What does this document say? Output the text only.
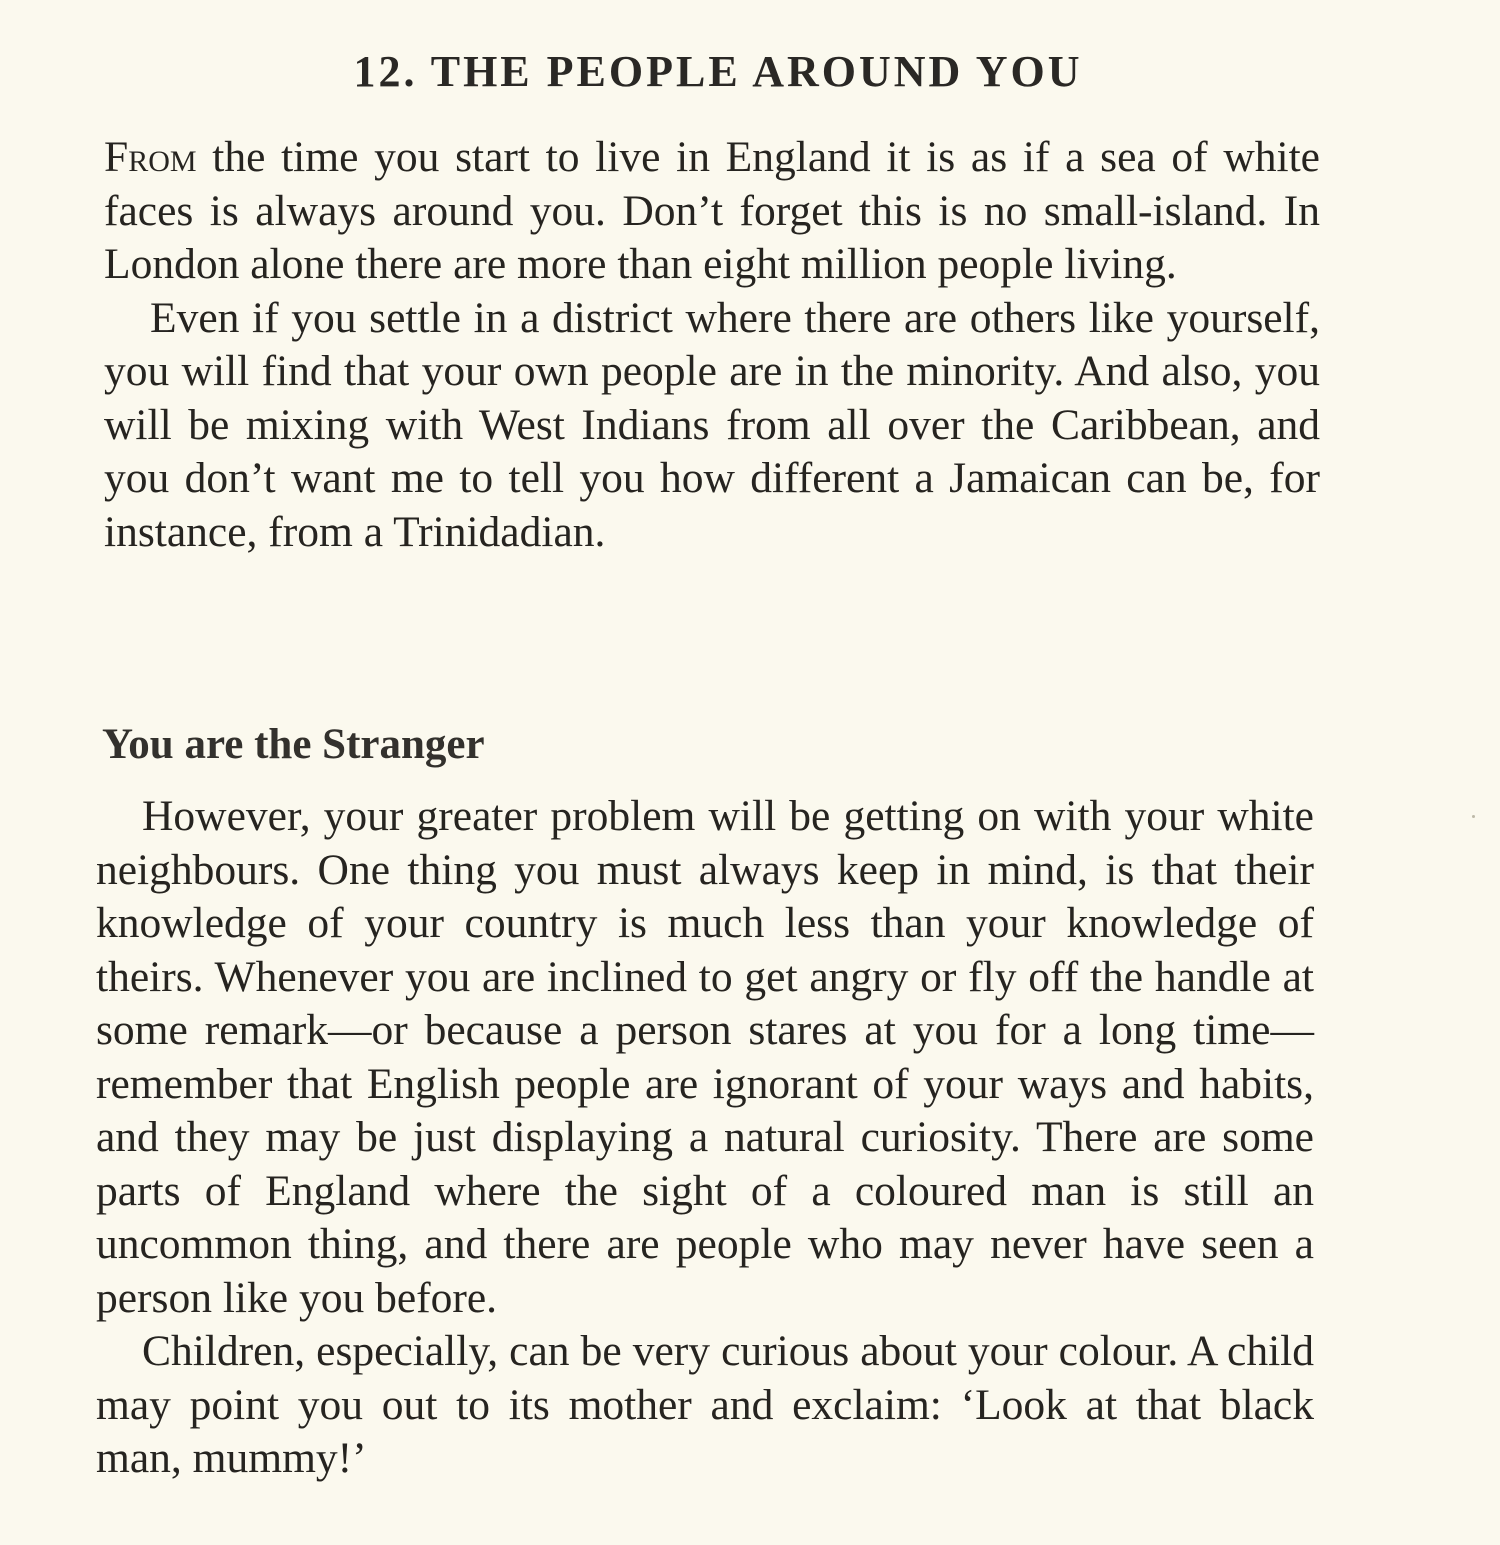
12. THE PEOPLE AROUND YOU

From the time you start to live in England it is as if a sea of white faces is always around you. Don’t forget this is no small-island. In London alone there are more than eight million people living.

Even if you settle in a district where there are others like yourself, you will find that your own people are in the minority. And also, you will be mixing with West Indians from all over the Caribbean, and you don’t want me to tell you how different a Jamaican can be, for instance, from a Trinidadian.

You are the Stranger

However, your greater problem will be getting on with your white neighbours. One thing you must always keep in mind, is that their knowledge of your country is much less than your knowledge of theirs. Whenever you are inclined to get angry or fly off the handle at some remark—or because a person stares at you for a long time—remember that English people are ignorant of your ways and habits, and they may be just displaying a natural curiosity. There are some parts of England where the sight of a coloured man is still an uncommon thing, and there are people who may never have seen a person like you before.

Children, especially, can be very curious about your colour. A child may point you out to its mother and exclaim: ‘Look at that black man, mummy!’
